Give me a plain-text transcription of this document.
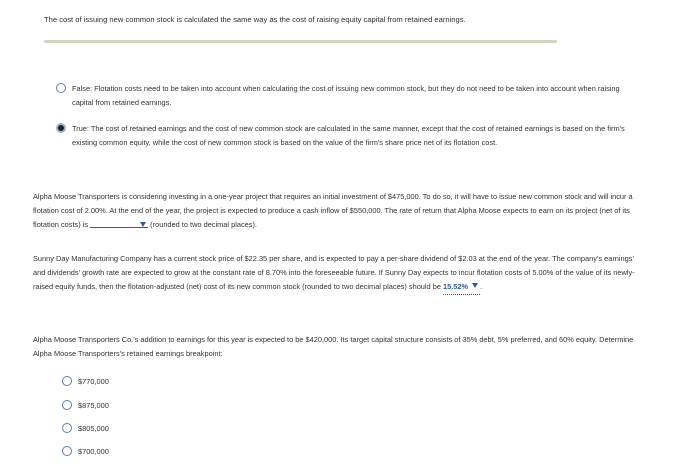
The cost of issuing new common stock is calculated the same way as the cost of raising equity capital from retained earnings.
False: Flotation costs need to be taken into account when calculating the cost of issuing new common stock, but they do not need to be taken into account when raising capital from retained earnings.
True: The cost of retained earnings and the cost of new common stock are calculated in the same manner, except that the cost of retained earnings is based on the firm's existing common equity, while the cost of new common stock is based on the value of the firm's share price net of its flotation cost.
Alpha Moose Transporters is considering investing in a one-year project that requires an initial investment of $475,000. To do so, it will have to issue new common stock and will incur a flotation cost of 2.00%. At the end of the year, the project is expected to produce a cash inflow of $550,000. The rate of return that Alpha Moose expects to earn on its project (net of its flotation costs) is	(rounded to two decimal places).
Sunny Day Manufacturing Company has a current stock price of $22.35 per share, and is expected to pay a per-share dividend of $2.03 at the end of the year. The company's earnings' and dividends' growth rate are expected to grow at the constant rate of 8.70% into the foreseeable future. If Sunny Day expects to incur flotation costs of 5.00% of the value of its newly-raised equity funds, then the flotation-adjusted (net) cost of its new common stock (rounded to two decimal places) should be 15.52% .
Alpha Moose Transporters Co.'s addition to earnings for this year is expected to be $420,000. Its target capital structure consists of 35% debt, 5% preferred, and 60% equity. Determine Alpha Moose Transporters's retained earnings breakpoint:
$770,000
$875,000
$805,000
$700,000
